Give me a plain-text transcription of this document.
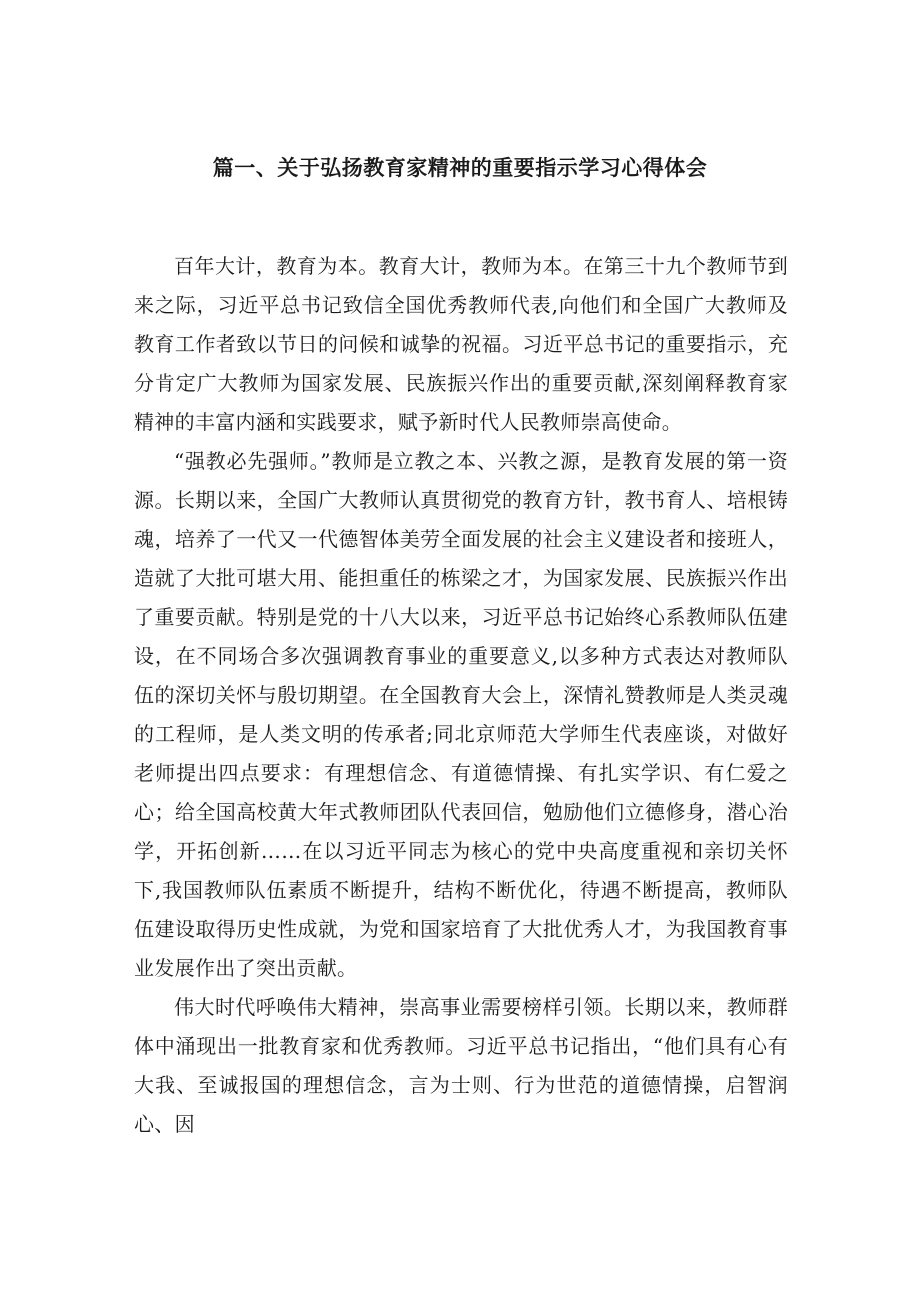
篇一、关于弘扬教育家精神的重要指示学习心得体会

百年大计，教育为本。教育大计，教师为本。在第三十九个教师节到来之际，习近平总书记致信全国优秀教师代表,向他们和全国广大教师及教育工作者致以节日的问候和诚挚的祝福。习近平总书记的重要指示，充分肯定广大教师为国家发展、民族振兴作出的重要贡献,深刻阐释教育家精神的丰富内涵和实践要求，赋予新时代人民教师崇高使命。

“强教必先强师。”教师是立教之本、兴教之源，是教育发展的第一资源。长期以来，全国广大教师认真贯彻党的教育方针，教书育人、培根铸魂，培养了一代又一代德智体美劳全面发展的社会主义建设者和接班人，造就了大批可堪大用、能担重任的栋梁之才，为国家发展、民族振兴作出了重要贡献。特别是党的十八大以来，习近平总书记始终心系教师队伍建设，在不同场合多次强调教育事业的重要意义,以多种方式表达对教师队伍的深切关怀与殷切期望。在全国教育大会上，深情礼赞教师是人类灵魂的工程师，是人类文明的传承者;同北京师范大学师生代表座谈，对做好老师提出四点要求：有理想信念、有道德情操、有扎实学识、有仁爱之心；给全国高校黄大年式教师团队代表回信，勉励他们立德修身，潜心治学，开拓创新……在以习近平同志为核心的党中央高度重视和亲切关怀下,我国教师队伍素质不断提升，结构不断优化，待遇不断提高，教师队伍建设取得历史性成就，为党和国家培育了大批优秀人才，为我国教育事业发展作出了突出贡献。

伟大时代呼唤伟大精神，崇高事业需要榜样引领。长期以来，教师群体中涌现出一批教育家和优秀教师。习近平总书记指出，“他们具有心有大我、至诚报国的理想信念，言为士则、行为世范的道德情操，启智润心、因
